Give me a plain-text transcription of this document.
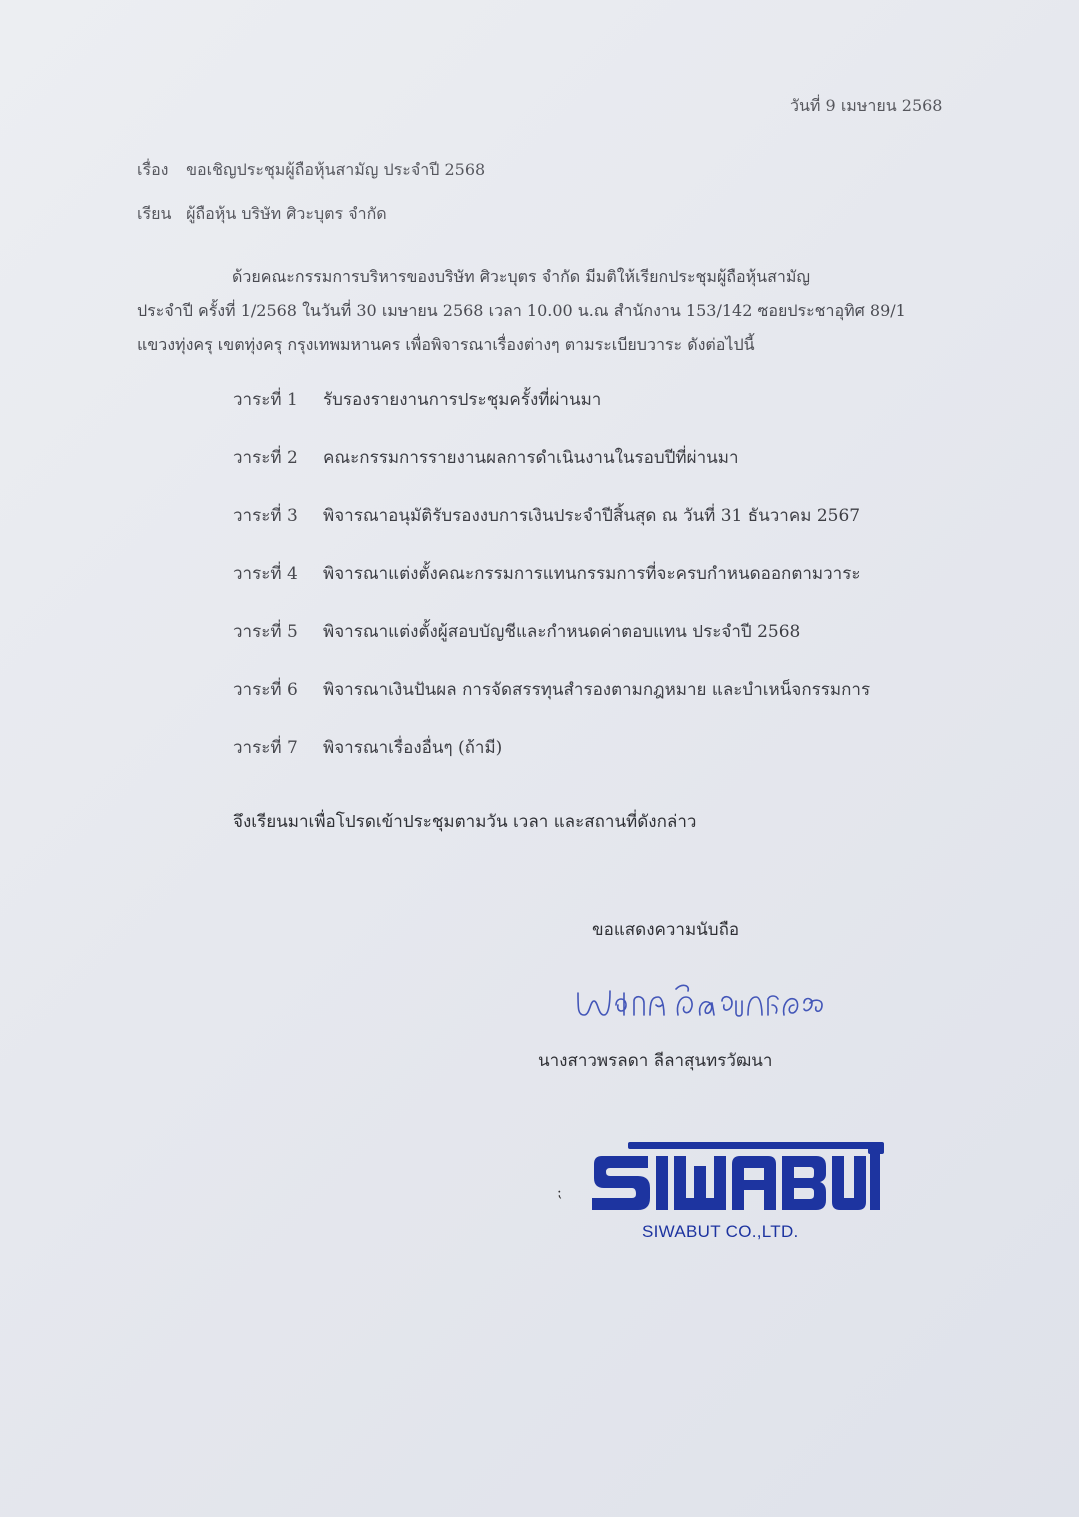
วันที่ 9 เมษายน 2568
เรื่อง ขอเชิญประชุมผู้ถือหุ้นสามัญ ประจำปี 2568
เรียน ผู้ถือหุ้น บริษัท ศิวะบุตร จำกัด
ด้วยคณะกรรมการบริหารของบริษัท ศิวะบุตร จำกัด มีมติให้เรียกประชุมผู้ถือหุ้นสามัญ
ประจำปี ครั้งที่ 1/2568 ในวันที่ 30 เมษายน 2568 เวลา 10.00 น.ณ สำนักงาน 153/142 ซอยประชาอุทิศ 89/1
แขวงทุ่งครุ เขตทุ่งครุ กรุงเทพมหานคร เพื่อพิจารณาเรื่องต่างๆ ตามระเบียบวาระ ดังต่อไปนี้
วาระที่ 1 รับรองรายงานการประชุมครั้งที่ผ่านมา
วาระที่ 2 คณะกรรมการรายงานผลการดำเนินงานในรอบปีที่ผ่านมา
วาระที่ 3 พิจารณาอนุมัติรับรองงบการเงินประจำปีสิ้นสุด ณ วันที่ 31 ธันวาคม 2567
วาระที่ 4 พิจารณาแต่งตั้งคณะกรรมการแทนกรรมการที่จะครบกำหนดออกตามวาระ
วาระที่ 5 พิจารณาแต่งตั้งผู้สอบบัญชีและกำหนดค่าตอบแทน ประจำปี 2568
วาระที่ 6 พิจารณาเงินปันผล การจัดสรรทุนสำรองตามกฎหมาย และบำเหน็จกรรมการ
วาระที่ 7 พิจารณาเรื่องอื่นๆ (ถ้ามี)
จึงเรียนมาเพื่อโปรดเข้าประชุมตามวัน เวลา และสถานที่ดังกล่าว
ขอแสดงความนับถือ
นางสาวพรลดา ลีลาสุนทรวัฒนา
⁏
SIWABUT CO.,LTD.
